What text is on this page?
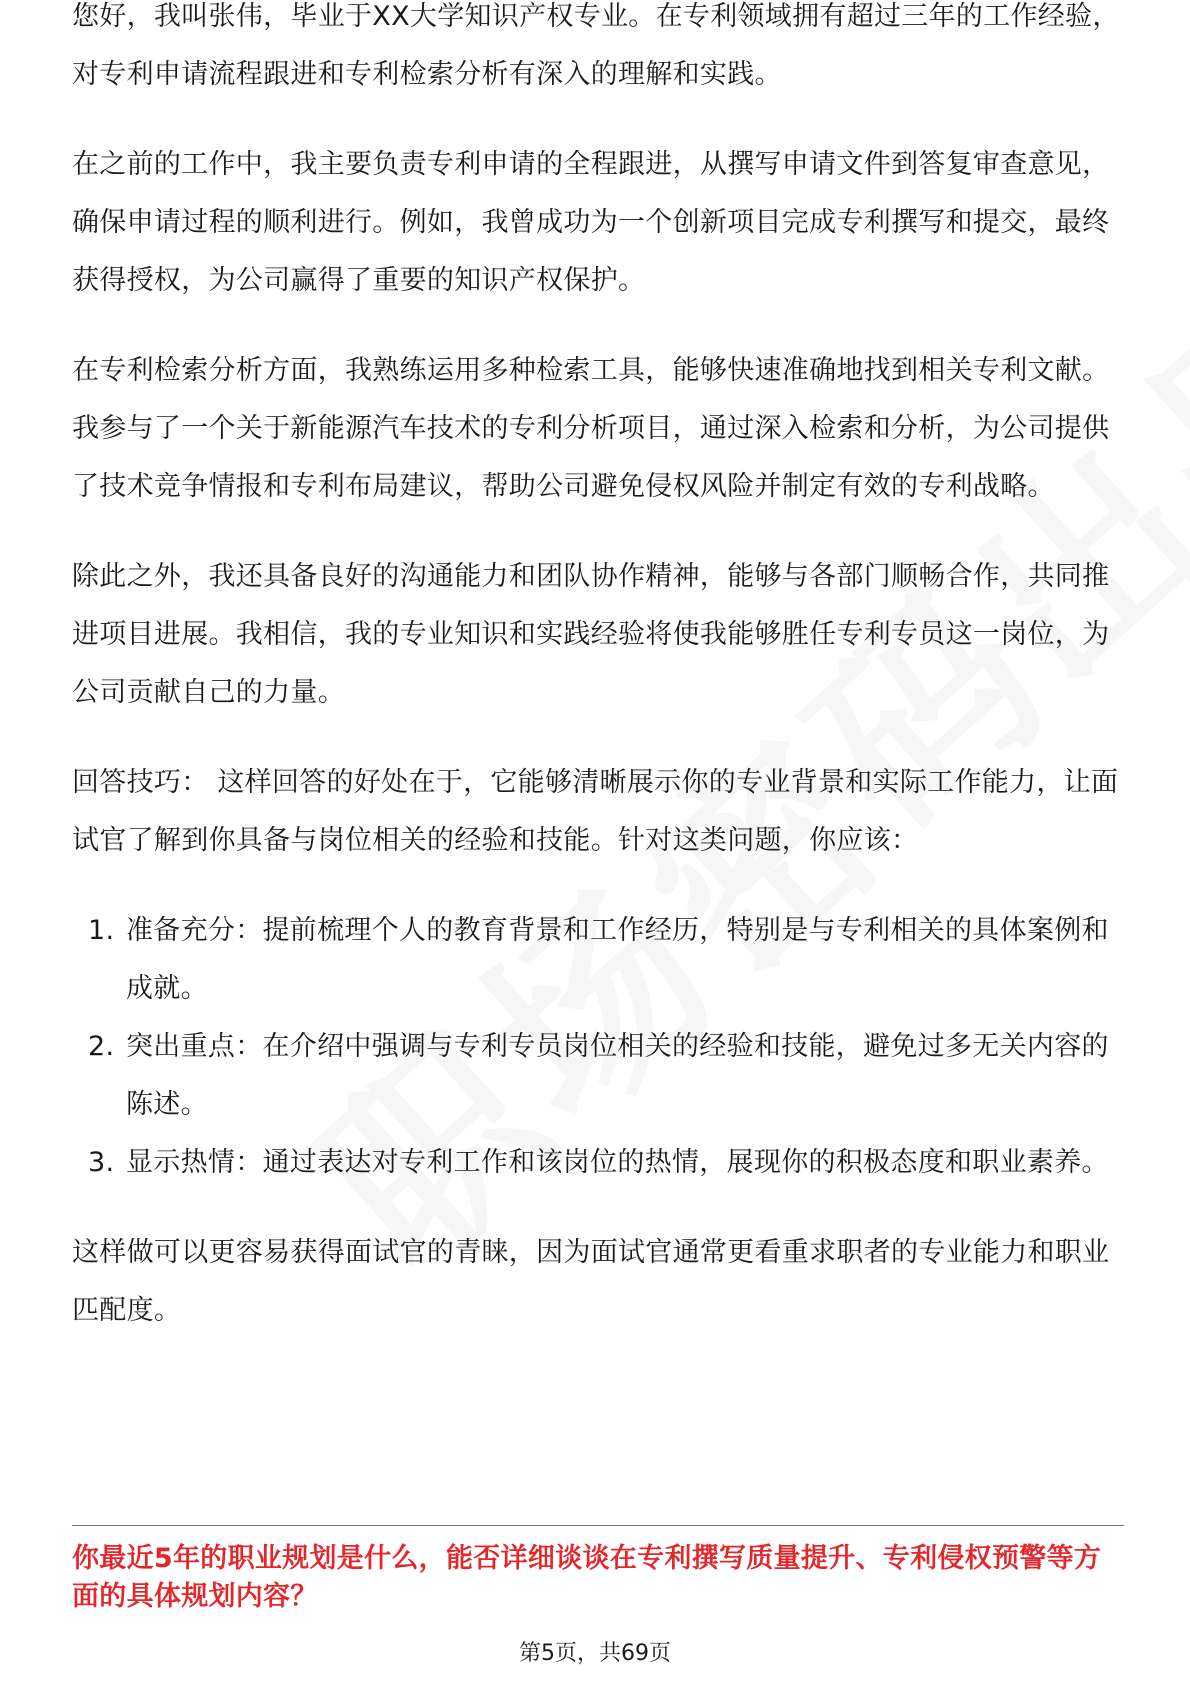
您好，我叫张伟，毕业于XX大学知识产权专业。在专利领域拥有超过三年的工作经验，对专利申请流程跟进和专利检索分析有深入的理解和实践。

在之前的工作中，我主要负责专利申请的全程跟进，从撰写申请文件到答复审查意见，确保申请过程的顺利进行。例如，我曾成功为一个创新项目完成专利撰写和提交，最终获得授权，为公司赢得了重要的知识产权保护。

在专利检索分析方面，我熟练运用多种检索工具，能够快速准确地找到相关专利文献。我参与了一个关于新能源汽车技术的专利分析项目，通过深入检索和分析，为公司提供了技术竞争情报和专利布局建议，帮助公司避免侵权风险并制定有效的专利战略。

除此之外，我还具备良好的沟通能力和团队协作精神，能够与各部门顺畅合作，共同推进项目进展。我相信，我的专业知识和实践经验将使我能够胜任专利专员这一岗位，为公司贡献自己的力量。

回答技巧： 这样回答的好处在于，它能够清晰展示你的专业背景和实际工作能力，让面试官了解到你具备与岗位相关的经验和技能。针对这类问题，你应该：

1. 准备充分：提前梳理个人的教育背景和工作经历，特别是与专利相关的具体案例和成就。
2. 突出重点：在介绍中强调与专利专员岗位相关的经验和技能，避免过多无关内容的陈述。
3. 显示热情：通过表达对专利工作和该岗位的热情，展现你的积极态度和职业素养。

这样做可以更容易获得面试官的青睐，因为面试官通常更看重求职者的专业能力和职业匹配度。

你最近5年的职业规划是什么，能否详细谈谈在专利撰写质量提升、专利侵权预警等方面的具体规划内容？
第5页，共69页
